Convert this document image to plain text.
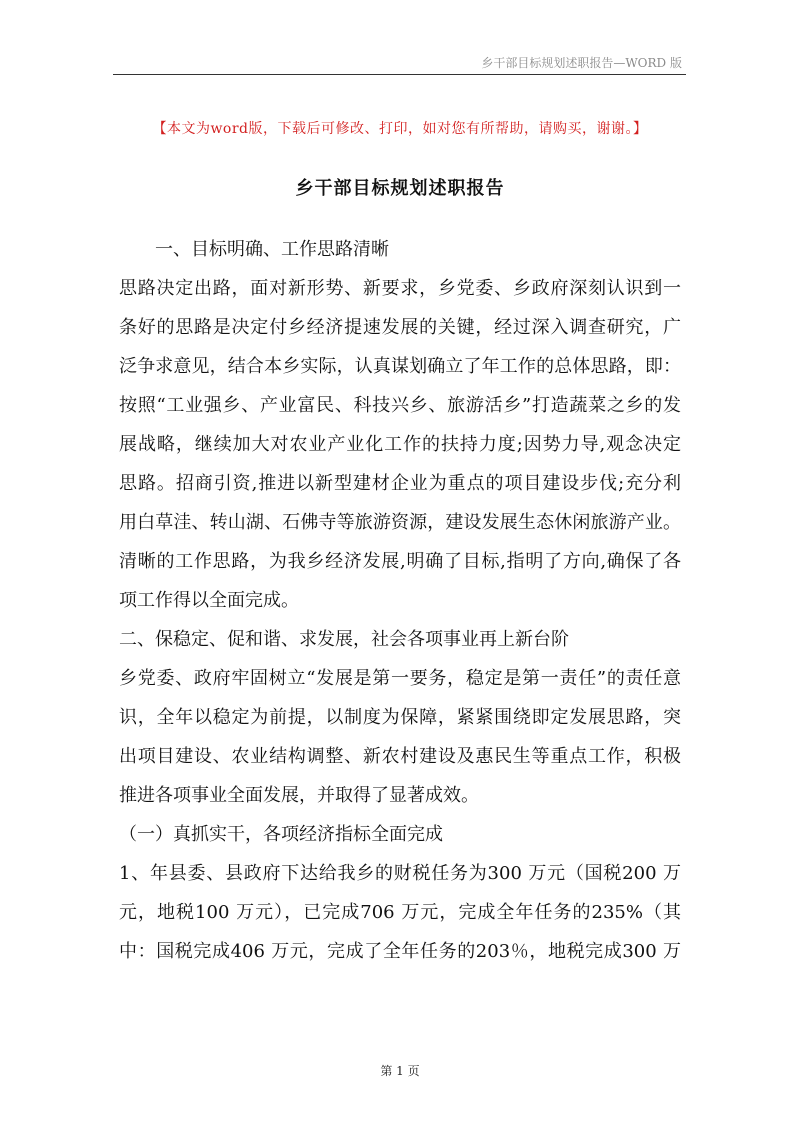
乡干部目标规划述职报告—WORD 版
【本文为word版，下载后可修改、打印，如对您有所帮助，请购买，谢谢。】
乡干部目标规划述职报告
一、目标明确、工作思路清晰
思路决定出路，面对新形势、新要求，乡党委、乡政府深刻认识到一
条好的思路是决定付乡经济提速发展的关键，经过深入调查研究，广
泛争求意见，结合本乡实际，认真谋划确立了年工作的总体思路，即：
按照“工业强乡、产业富民、科技兴乡、旅游活乡”打造蔬菜之乡的发
展战略，继续加大对农业产业化工作的扶持力度;因势力导,观念决定
思路。招商引资,推进以新型建材企业为重点的项目建设步伐;充分利
用白草洼、转山湖、石佛寺等旅游资源，建设发展生态休闲旅游产业。
清晰的工作思路，为我乡经济发展,明确了目标,指明了方向,确保了各
项工作得以全面完成。
二、保稳定、促和谐、求发展，社会各项事业再上新台阶
乡党委、政府牢固树立“发展是第一要务，稳定是第一责任”的责任意
识，全年以稳定为前提，以制度为保障，紧紧围绕即定发展思路，突
出项目建设、农业结构调整、新农村建设及惠民生等重点工作，积极
推进各项事业全面发展，并取得了显著成效。
（一）真抓实干，各项经济指标全面完成
1、年县委、县政府下达给我乡的财税任务为300 万元（国税200 万
元，地税100 万元），已完成706 万元，完成全年任务的235%（其
中：国税完成406 万元，完成了全年任务的203％，地税完成300 万
第 1 页
